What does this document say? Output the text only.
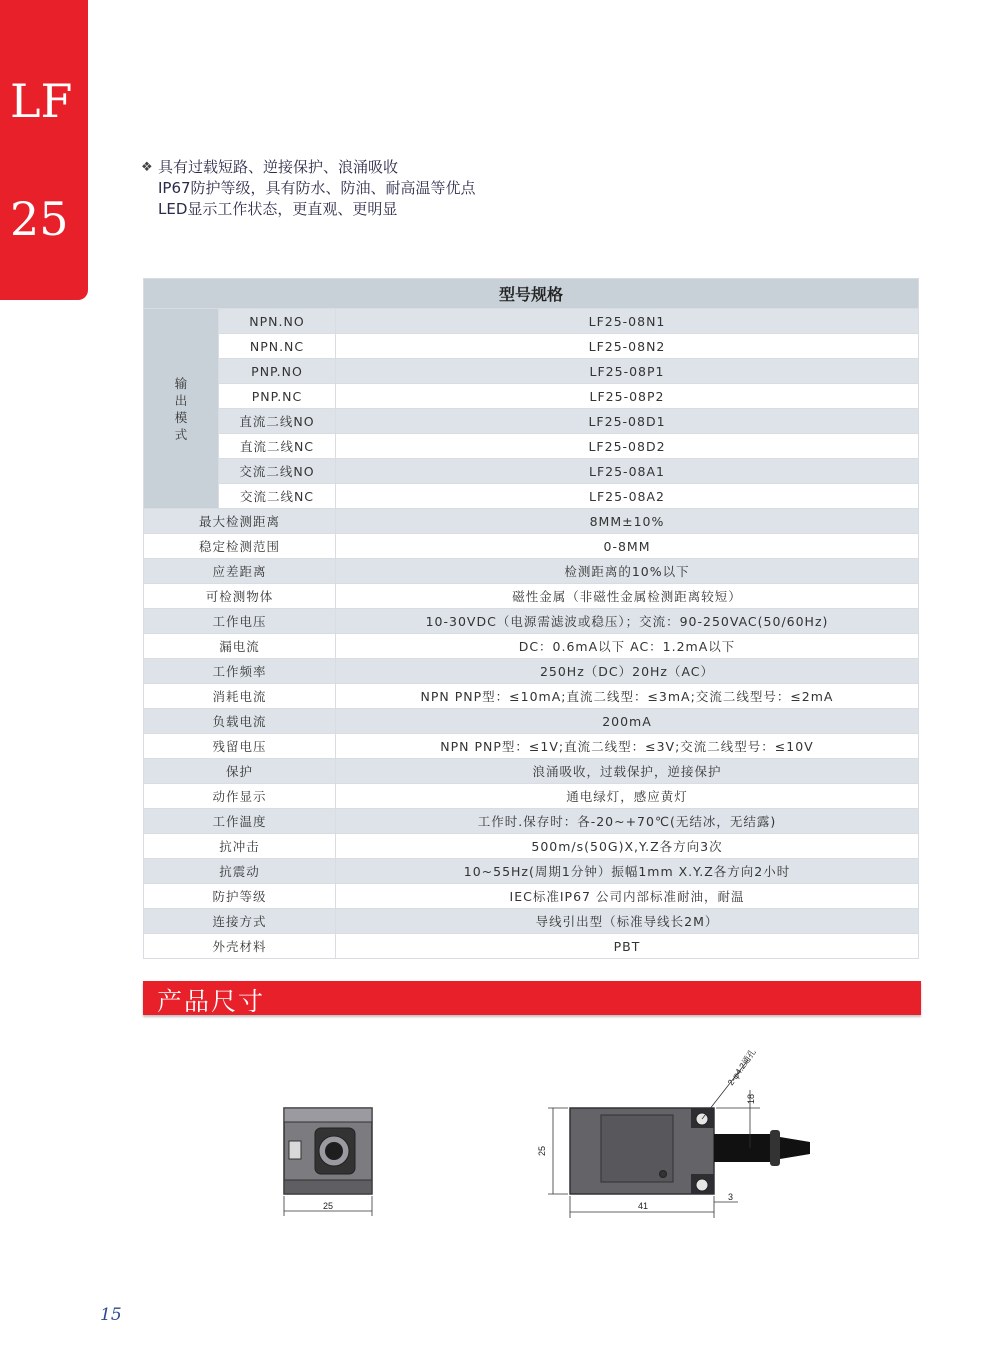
LF
25
❖ 具有过载短路、逆接保护、浪涌吸收
IP67防护等级，具有防水、防油、耐高温等优点
LED显示工作状态，更直观、更明显
型号规格		

输
出
模
式	NPN.NO	LF25-08N1
	NPN.NC	LF25-08N2
	PNP.NO	LF25-08P1
	PNP.NC	LF25-08P2
	直流二线NO	LF25-08D1
	直流二线NC	LF25-08D2
	交流二线NO	LF25-08A1
	交流二线NC	LF25-08A2
最大检测距离		8MM±10%
稳定检测范围		0-8MM
应差距离		检测距离的10%以下
可检测物体		磁性金属（非磁性金属检测距离较短）
工作电压		10-30VDC（电源需滤波或稳压）；交流：90-250VAC(50/60Hz)
漏电流		DC：0.6mA以下 AC：1.2mA以下
工作频率		250Hz（DC）20Hz（AC）
消耗电流		NPN PNP型：≤10mA;直流二线型：≤3mA;交流二线型号：≤2mA
负载电流		200mA
残留电压		NPN PNP型：≤1V;直流二线型：≤3V;交流二线型号：≤10V
保护		浪涌吸收，过载保护，逆接保护
动作显示		通电绿灯，感应黄灯
工作温度		工作时.保存时：各-20~+70℃(无结冰，无结露)
抗冲击		500m/s(50G)X,Y.Z各方向3次
抗震动		10~55Hz(周期1分钟）振幅1mm X.Y.Z各方向2小时
防护等级		IEC标准IP67 公司内部标准耐油，耐温
连接方式		导线引出型（标准导线长2M）
外壳材料		PBT
产品尺寸
25
25
41
3
18
2-φ4.2通孔
15
